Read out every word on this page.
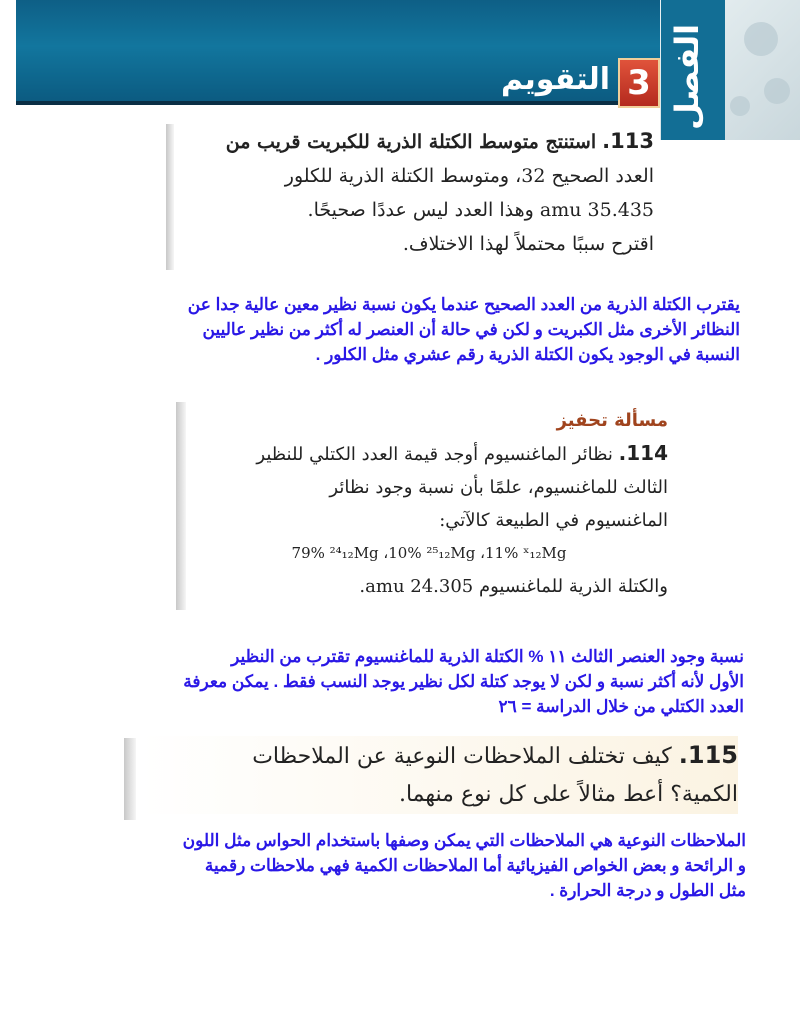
الفصل
3
التقويم
113. استنتج متوسط الكتلة الذرية للكبريت قريب من
العدد الصحيح 32، ومتوسط الكتلة الذرية للكلور
35.435 amu وهذا العدد ليس عددًا صحيحًا.
اقترح سببًا محتملاً لهذا الاختلاف.
يقترب الكتلة الذرية من العدد الصحيح عندما يكون نسبة نظير معين عالية جدا عن
النظائر الأخرى مثل الكبريت و لكن في حالة أن العنصر له أكثر من نظير عاليين
النسبة في الوجود يكون الكتلة الذرية رقم عشري مثل الكلور .
مسألة تحفيز
114. نظائر الماغنسيوم أوجد قيمة العدد الكتلي للنظير
الثالث للماغنسيوم، علمًا بأن نسبة وجود نظائر
الماغنسيوم في الطبيعة كالآتي:
79% ²⁴₁₂Mg ،10% ²⁵₁₂Mg ،11% ˣ₁₂Mg
والكتلة الذرية للماغنسيوم 24.305 amu.
نسبة وجود العنصر الثالث ١١ % الكتلة الذرية للماغنسيوم تقترب من النظير
الأول لأنه أكثر نسبة و لكن لا يوجد كتلة لكل نظير يوجد النسب فقط . يمكن معرفة
العدد الكتلي من خلال الدراسة = ٢٦
115. كيف تختلف الملاحظات النوعية عن الملاحظات
الكمية؟ أعط مثالاً على كل نوع منهما.
الملاحظات النوعية هي الملاحظات التي يمكن وصفها باستخدام الحواس مثل اللون
و الرائحة و بعض الخواص الفيزيائية أما الملاحظات الكمية فهي ملاحظات رقمية
مثل الطول و درجة الحرارة .
